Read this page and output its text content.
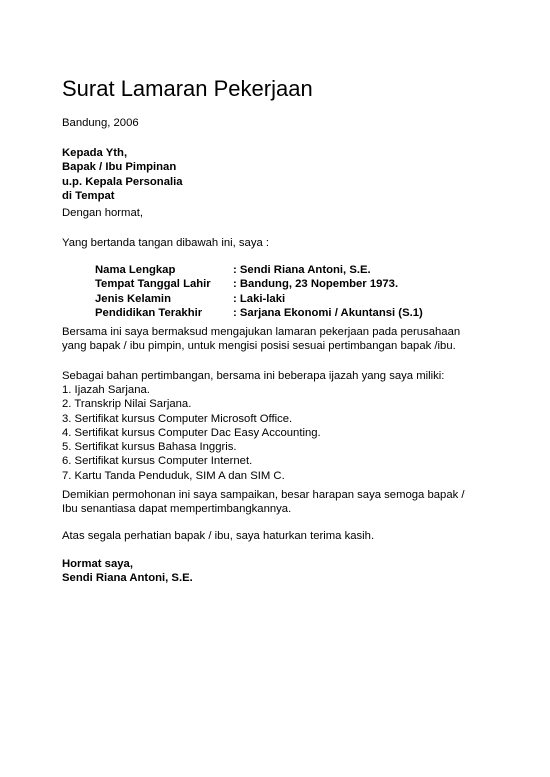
Surat Lamaran Pekerjaan
Bandung, 2006
Kepada Yth,
Bapak / Ibu Pimpinan
u.p. Kepala Personalia
di Tempat
Dengan hormat,
Yang bertanda tangan dibawah ini, saya :
Nama Lengkap	: Sendi Riana Antoni, S.E.
Tempat Tanggal Lahir	: Bandung, 23 Nopember 1973.
Jenis Kelamin	: Laki-laki
Pendidikan Terakhir	: Sarjana Ekonomi / Akuntansi (S.1)
Bersama ini saya bermaksud mengajukan lamaran pekerjaan pada perusahaan
yang bapak / ibu pimpin, untuk mengisi posisi sesuai pertimbangan bapak /ibu.
Sebagai bahan pertimbangan, bersama ini beberapa ijazah yang saya miliki:
1. Ijazah Sarjana.
2. Transkrip Nilai Sarjana.
3. Sertifikat kursus Computer Microsoft Office.
4. Sertifikat kursus Computer Dac Easy Accounting.
5. Sertifikat kursus Bahasa Inggris.
6. Sertifikat kursus Computer Internet.
7. Kartu Tanda Penduduk, SIM A dan SIM C.
Demikian permohonan ini saya sampaikan, besar harapan saya semoga bapak /
Ibu senantiasa dapat mempertimbangkannya.
Atas segala perhatian bapak / ibu, saya haturkan terima kasih.
Hormat saya,
Sendi Riana Antoni, S.E.
